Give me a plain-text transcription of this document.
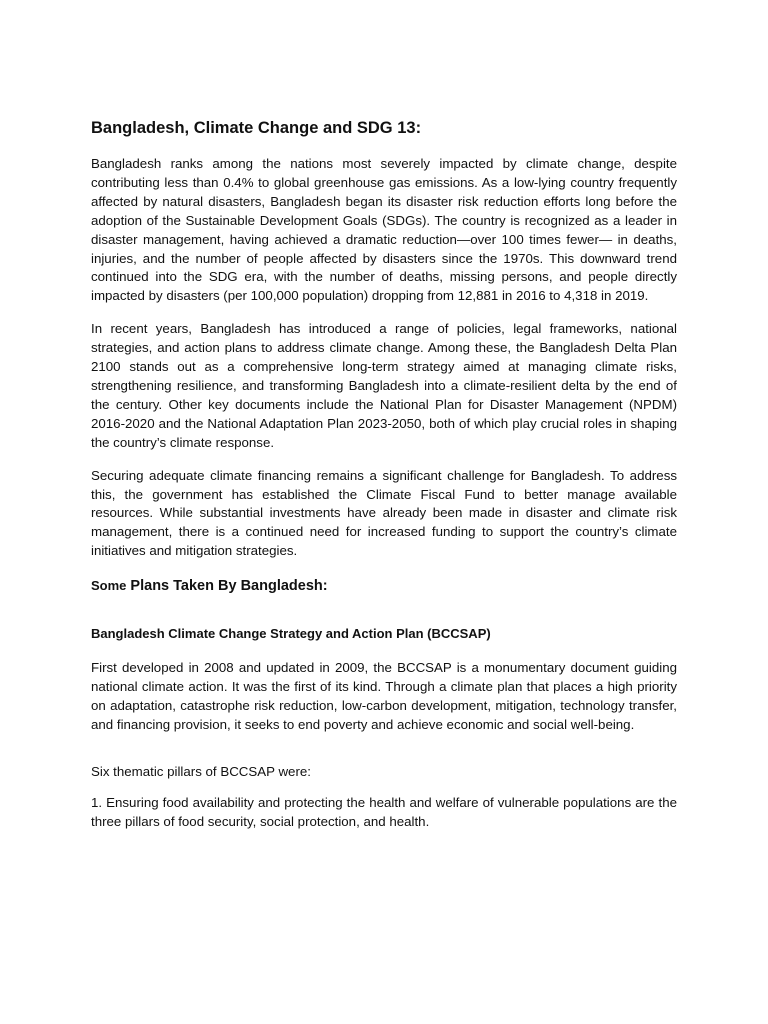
Bangladesh, Climate Change and SDG 13:

Bangladesh ranks among the nations most severely impacted by climate change, despite contributing less than 0.4% to global greenhouse gas emissions. As a low-lying country frequently affected by natural disasters, Bangladesh began its disaster risk reduction efforts long before the adoption of the Sustainable Development Goals (SDGs). The country is recognized as a leader in disaster management, having achieved a dramatic reduction—over 100 times fewer— in deaths, injuries, and the number of people affected by disasters since the 1970s. This downward trend continued into the SDG era, with the number of deaths, missing persons, and people directly impacted by disasters (per 100,000 population) dropping from 12,881 in 2016 to 4,318 in 2019.

In recent years, Bangladesh has introduced a range of policies, legal frameworks, national strategies, and action plans to address climate change. Among these, the Bangladesh Delta Plan 2100 stands out as a comprehensive long-term strategy aimed at managing climate risks, strengthening resilience, and transforming Bangladesh into a climate-resilient delta by the end of the century. Other key documents include the National Plan for Disaster Management (NPDM) 2016-2020 and the National Adaptation Plan 2023-2050, both of which play crucial roles in shaping the country’s climate response.

Securing adequate climate financing remains a significant challenge for Bangladesh. To address this, the government has established the Climate Fiscal Fund to better manage available resources. While substantial investments have already been made in disaster and climate risk management, there is a continued need for increased funding to support the country’s climate initiatives and mitigation strategies.

Some Plans Taken By Bangladesh:
Bangladesh Climate Change Strategy and Action Plan (BCCSAP)

First developed in 2008 and updated in 2009, the BCCSAP is a monumentary document guiding national climate action. It was the first of its kind. Through a climate plan that places a high priority on adaptation, catastrophe risk reduction, low-carbon development, mitigation, technology transfer, and financing provision, it seeks to end poverty and achieve economic and social well-being.

Six thematic pillars of BCCSAP were:

1. Ensuring food availability and protecting the health and welfare of vulnerable populations are the three pillars of food security, social protection, and health.
